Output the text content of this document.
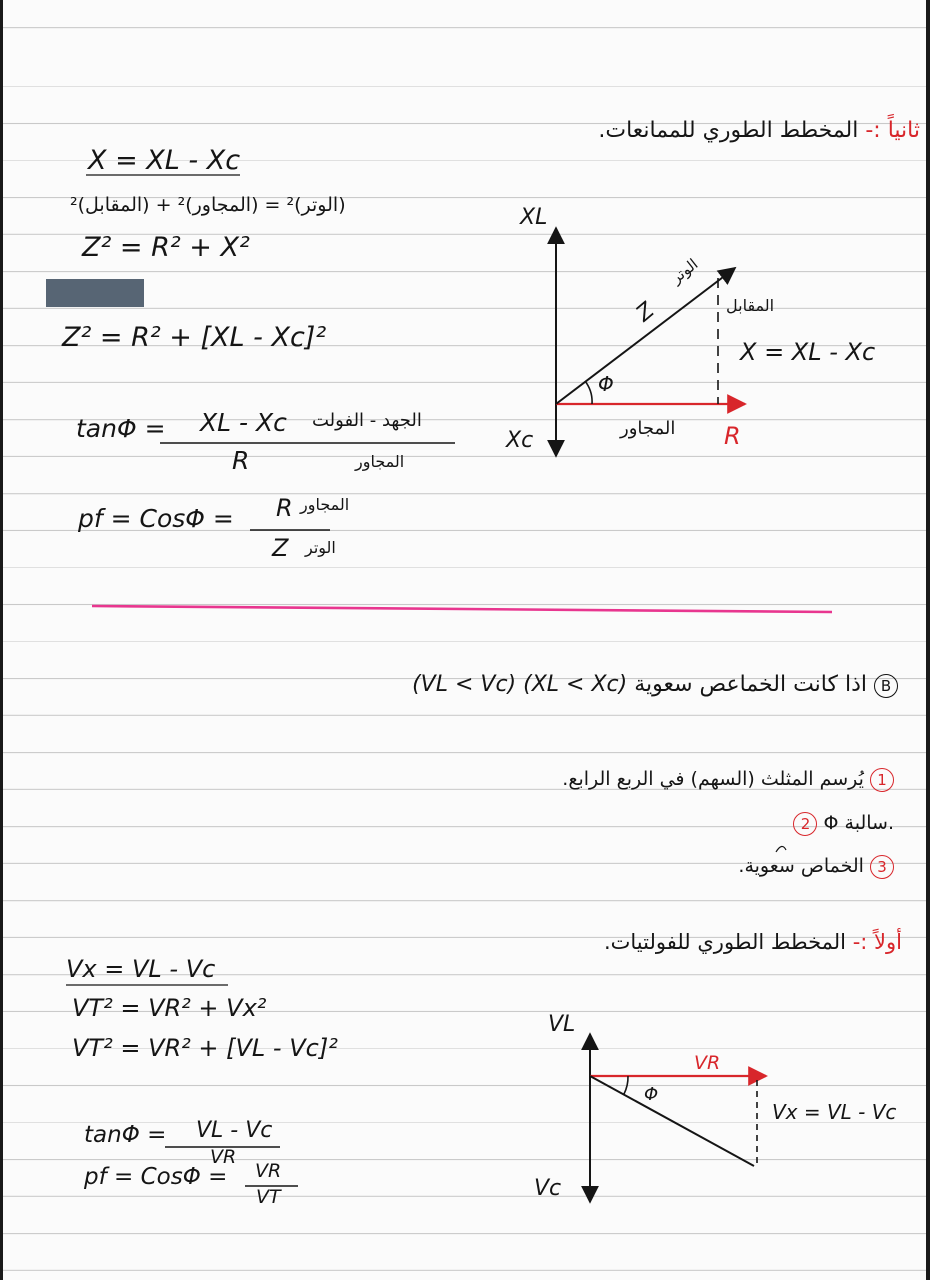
ثانياً :- المخطط الطوري للممانعات.
X = XL - Xc
(الوتر)² = (المجاور)² + (المقابل)²
Z² = R² + X²
Z² = R² + [XL - Xc]²
tanΦ = XL - Xc
R
الجهد - الفولت
المجاور
pf = CosΦ = R
Z
المجاور
الوتر
XL
Xc
Z
الوتر
المقابل
X = XL - Xc
Φ
المجاور R
B اذا كانت الخماعص سعوية (XL < Xc) (VL < Vc)
1 يُرسم المثلث (السهم) في الربع الرابع.
2 Φ سالبة.
3 الخماص سعوية.
أولاً :- المخطط الطوري للفولتيات.
Vx = VL - Vc
VT² = VR² + Vx²
VT² = VR² + [VL - Vc]²
tanΦ = VL - Vc
VR
pf = CosΦ = VR
VT
VL
Vc
Φ
VR
Vx = VL - Vc
